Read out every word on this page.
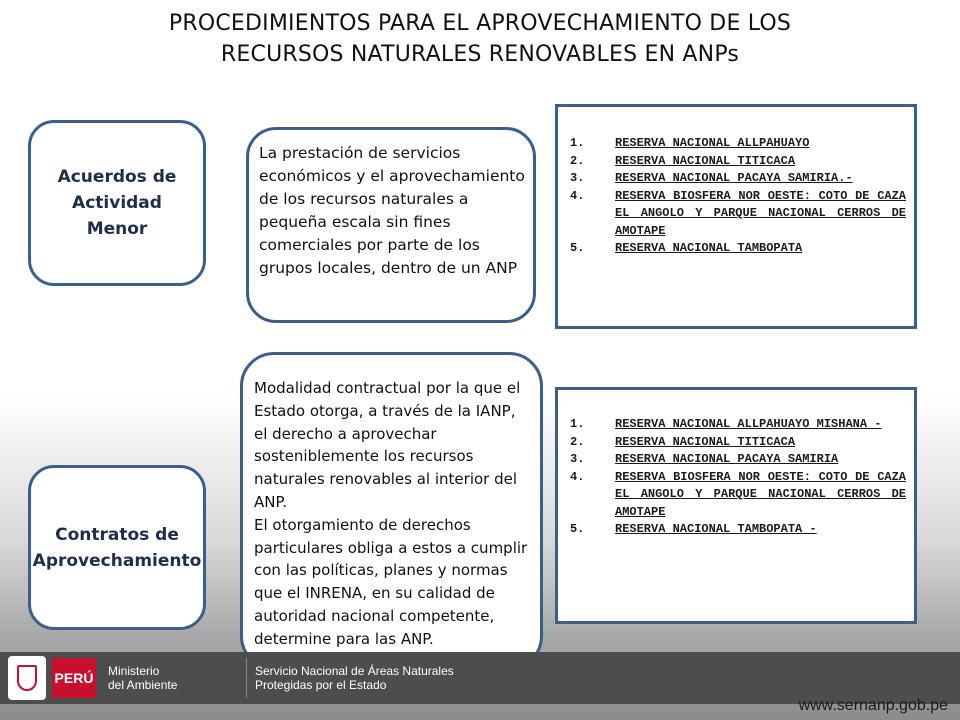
PROCEDIMIENTOS PARA EL APROVECHAMIENTO DE LOS
RECURSOS NATURALES RENOVABLES EN ANPs
Acuerdos de
Actividad
Menor
La prestación de servicios económicos y el aprovechamiento de los recursos naturales a pequeña escala sin fines comerciales por parte de los grupos locales, dentro de un ANP
1.	RESERVA NACIONAL ALLPAHUAYO
2.	RESERVA NACIONAL TITICACA
3.	RESERVA NACIONAL PACAYA SAMIRIA.-
4.	RESERVA BIOSFERA NOR OESTE: COTO DE CAZA EL ANGOLO Y PARQUE NACIONAL CERROS DE AMOTAPE
5.	RESERVA NACIONAL TAMBOPATA
Contratos de
Aprovechamiento
Modalidad contractual por la que el Estado otorga, a través de la IANP, el derecho a aprovechar sosteniblemente los recursos naturales renovables al interior del ANP.
El otorgamiento de derechos particulares obliga a estos a cumplir con las políticas, planes y normas que el INRENA, en su calidad de autoridad nacional competente, determine para las ANP.
1.	RESERVA NACIONAL ALLPAHUAYO MISHANA -
2.	RESERVA NACIONAL TITICACA
3.	RESERVA NACIONAL PACAYA SAMIRIA
4.	RESERVA BIOSFERA NOR OESTE: COTO DE CAZA EL ANGOLO Y PARQUE NACIONAL CERROS DE AMOTAPE
5.	RESERVA NACIONAL TAMBOPATA -
PERÚ Ministerio
del Ambiente
Servicio Nacional de Áreas Naturales
Protegidas por el Estado
www.sernanp.gob.pe
